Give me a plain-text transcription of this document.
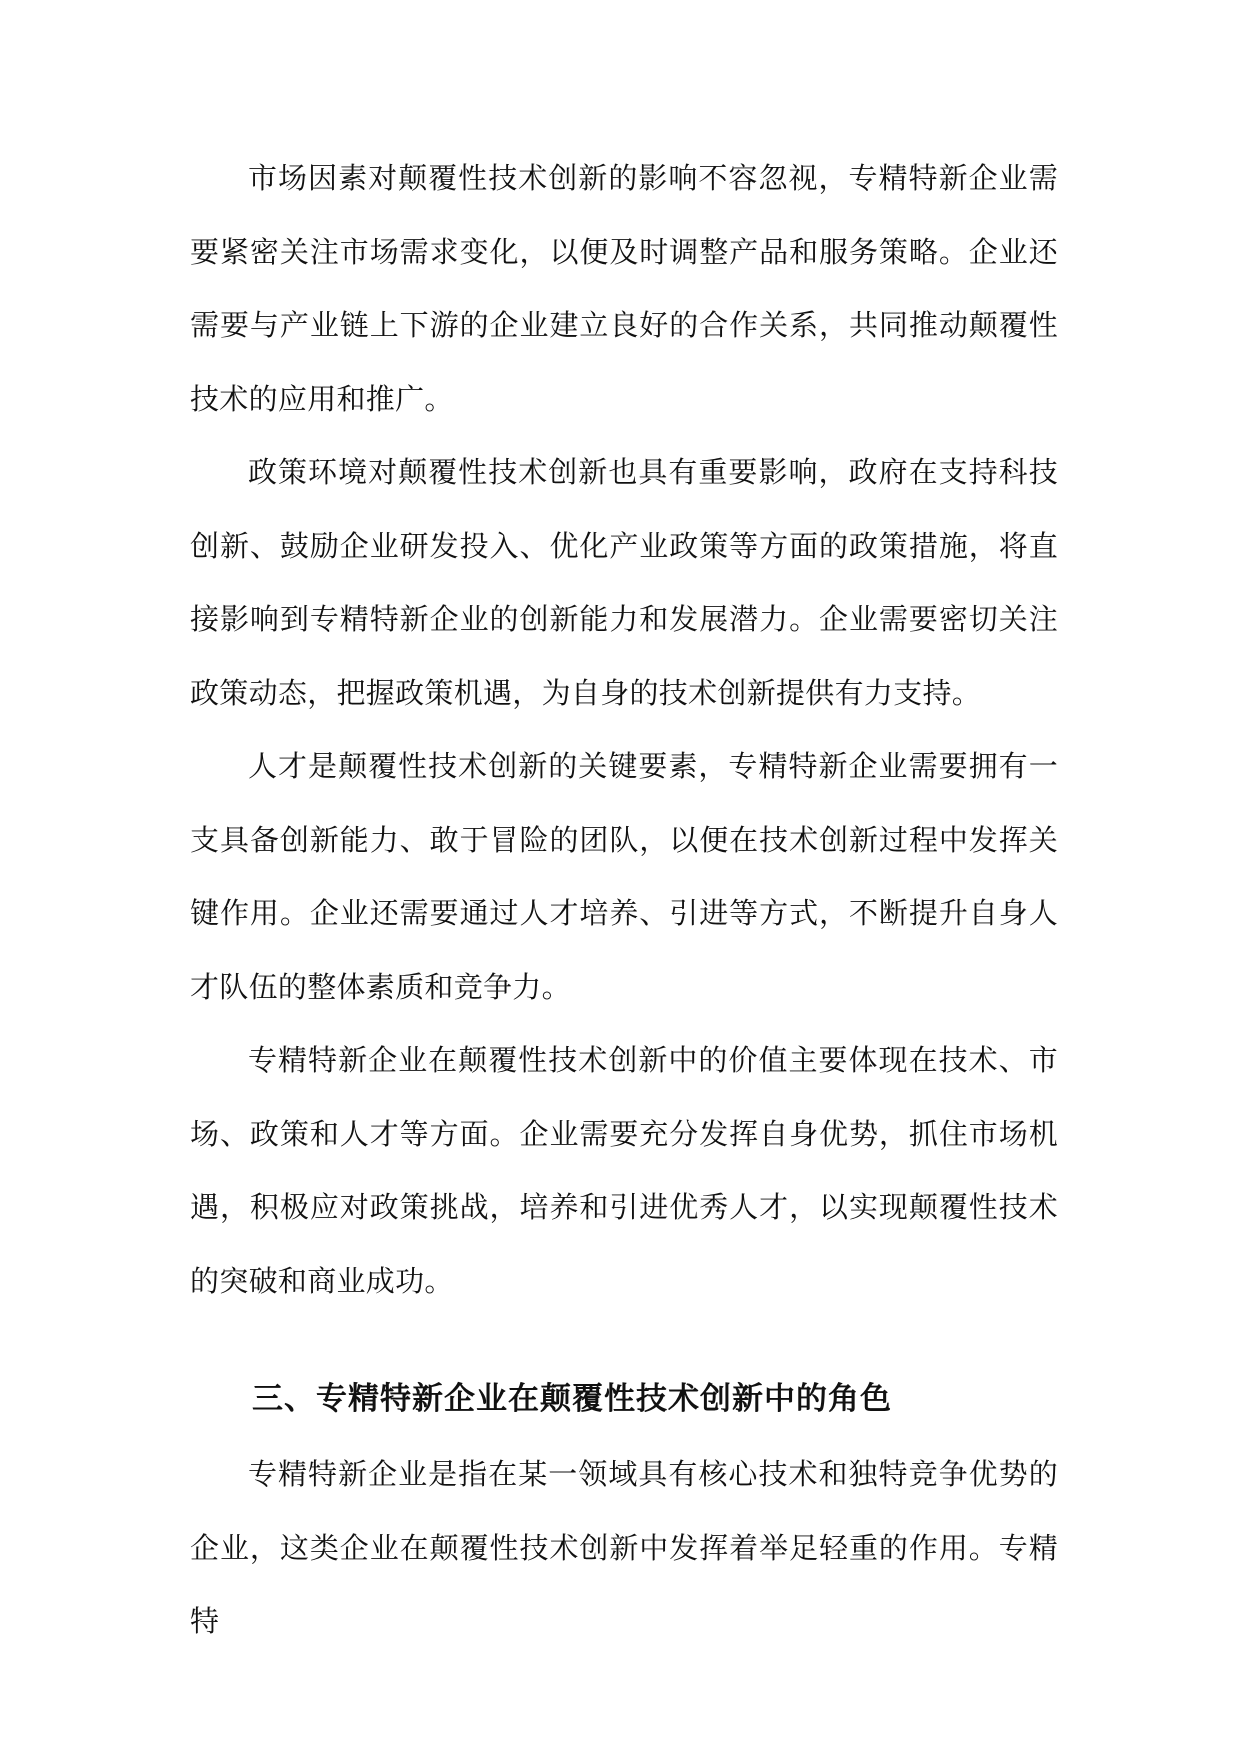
市场因素对颠覆性技术创新的影响不容忽视，专精特新企业需要紧密关注市场需求变化，以便及时调整产品和服务策略。企业还需要与产业链上下游的企业建立良好的合作关系，共同推动颠覆性技术的应用和推广。

政策环境对颠覆性技术创新也具有重要影响，政府在支持科技创新、鼓励企业研发投入、优化产业政策等方面的政策措施，将直接影响到专精特新企业的创新能力和发展潜力。企业需要密切关注政策动态，把握政策机遇，为自身的技术创新提供有力支持。

人才是颠覆性技术创新的关键要素，专精特新企业需要拥有一支具备创新能力、敢于冒险的团队，以便在技术创新过程中发挥关键作用。企业还需要通过人才培养、引进等方式，不断提升自身人才队伍的整体素质和竞争力。

专精特新企业在颠覆性技术创新中的价值主要体现在技术、市场、政策和人才等方面。企业需要充分发挥自身优势，抓住市场机遇，积极应对政策挑战，培养和引进优秀人才，以实现颠覆性技术的突破和商业成功。

三、专精特新企业在颠覆性技术创新中的角色

专精特新企业是指在某一领域具有核心技术和独特竞争优势的企业，这类企业在颠覆性技术创新中发挥着举足轻重的作用。专精特
